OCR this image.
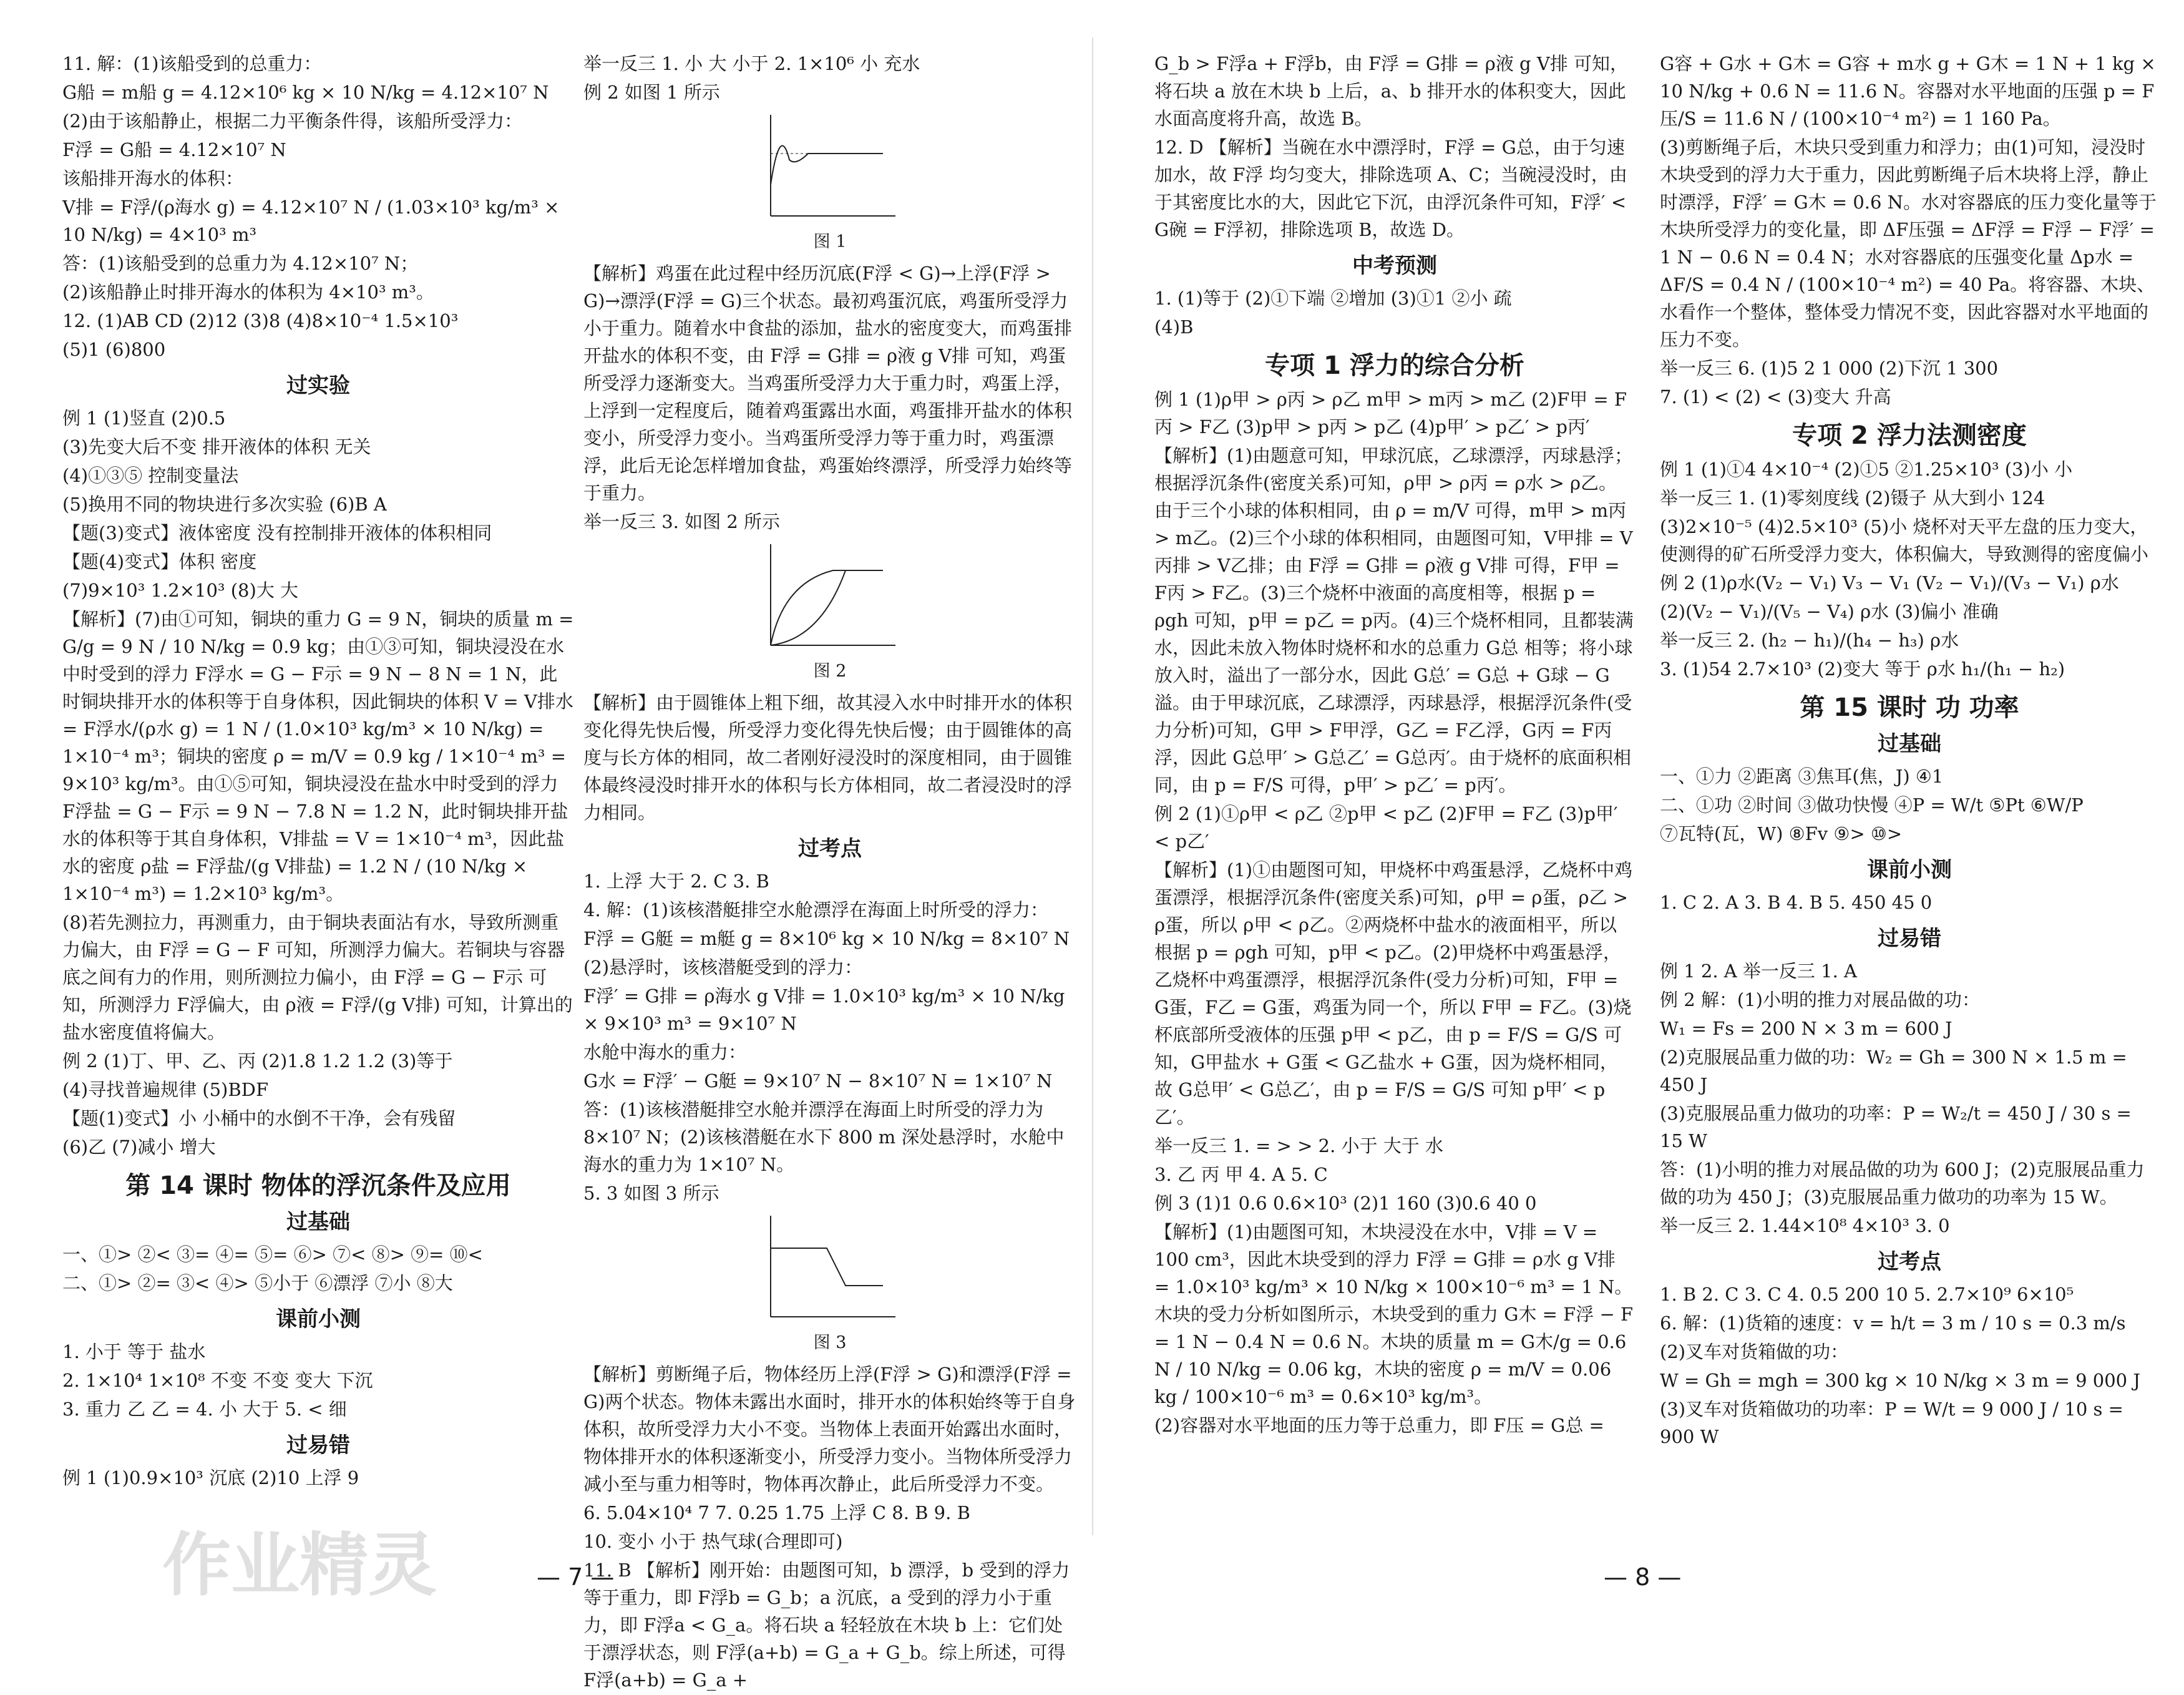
11. 解：(1)该船受到的总重力：

G船 = m船 g = 4.12×10⁶ kg × 10 N/kg = 4.12×10⁷ N

(2)由于该船静止，根据二力平衡条件得，该船所受浮力：

F浮 = G船 = 4.12×10⁷ N

该船排开海水的体积：

V排 = F浮/(ρ海水 g) = 4.12×10⁷ N / (1.03×10³ kg/m³ × 10 N/kg) = 4×10³ m³

答：(1)该船受到的总重力为 4.12×10⁷ N；

(2)该船静止时排开海水的体积为 4×10³ m³。

12. (1)AB CD (2)12 (3)8 (4)8×10⁻⁴ 1.5×10³

(5)1 (6)800

过实验

例 1 (1)竖直 (2)0.5

(3)先变大后不变 排开液体的体积 无关

(4)①③⑤ 控制变量法

(5)换用不同的物块进行多次实验 (6)B A

【题(3)变式】液体密度 没有控制排开液体的体积相同

【题(4)变式】体积 密度

(7)9×10³ 1.2×10³ (8)大 大

【解析】(7)由①可知，铜块的重力 G = 9 N，铜块的质量 m = G/g = 9 N / 10 N/kg = 0.9 kg；由①③可知，铜块浸没在水中时受到的浮力 F浮水 = G − F示 = 9 N − 8 N = 1 N，此时铜块排开水的体积等于自身体积，因此铜块的体积 V = V排水 = F浮水/(ρ水 g) = 1 N / (1.0×10³ kg/m³ × 10 N/kg) = 1×10⁻⁴ m³；铜块的密度 ρ = m/V = 0.9 kg / 1×10⁻⁴ m³ = 9×10³ kg/m³。由①⑤可知，铜块浸没在盐水中时受到的浮力 F浮盐 = G − F示 = 9 N − 7.8 N = 1.2 N，此时铜块排开盐水的体积等于其自身体积，V排盐 = V = 1×10⁻⁴ m³，因此盐水的密度 ρ盐 = F浮盐/(g V排盐) = 1.2 N / (10 N/kg × 1×10⁻⁴ m³) = 1.2×10³ kg/m³。

(8)若先测拉力，再测重力，由于铜块表面沾有水，导致所测重力偏大，由 F浮 = G − F 可知，所测浮力偏大。若铜块与容器底之间有力的作用，则所测拉力偏小，由 F浮 = G − F示 可知，所测浮力 F浮偏大，由 ρ液 = F浮/(g V排) 可知，计算出的盐水密度值将偏大。

例 2 (1)丁、甲、乙、丙 (2)1.8 1.2 1.2 (3)等于

(4)寻找普遍规律 (5)BDF

【题(1)变式】小 小桶中的水倒不干净，会有残留

(6)乙 (7)减小 增大

第 14 课时 物体的浮沉条件及应用
过基础

一、①> ②< ③= ④= ⑤= ⑥> ⑦< ⑧> ⑨= ⑩<

二、①> ②= ③< ④> ⑤小于 ⑥漂浮 ⑦小 ⑧大

课前小测

1. 小于 等于 盐水

2. 1×10⁴ 1×10⁸ 不变 不变 变大 下沉

3. 重力 乙 乙 = 4. 小 大于 5. < 细

过易错

例 1 (1)0.9×10³ 沉底 (2)10 上浮 9

举一反三 1. 小 大 小于 2. 1×10⁶ 小 充水

例 2 如图 1 所示

图 1

【解析】鸡蛋在此过程中经历沉底(F浮 < G)→上浮(F浮 > G)→漂浮(F浮 = G)三个状态。最初鸡蛋沉底，鸡蛋所受浮力小于重力。随着水中食盐的添加，盐水的密度变大，而鸡蛋排开盐水的体积不变，由 F浮 = G排 = ρ液 g V排 可知，鸡蛋所受浮力逐渐变大。当鸡蛋所受浮力大于重力时，鸡蛋上浮，上浮到一定程度后，随着鸡蛋露出水面，鸡蛋排开盐水的体积变小，所受浮力变小。当鸡蛋所受浮力等于重力时，鸡蛋漂浮，此后无论怎样增加食盐，鸡蛋始终漂浮，所受浮力始终等于重力。

举一反三 3. 如图 2 所示

图 2

【解析】由于圆锥体上粗下细，故其浸入水中时排开水的体积变化得先快后慢，所受浮力变化得先快后慢；由于圆锥体的高度与长方体的相同，故二者刚好浸没时的深度相同，由于圆锥体最终浸没时排开水的体积与长方体相同，故二者浸没时的浮力相同。

过考点

1. 上浮 大于 2. C 3. B

4. 解：(1)该核潜艇排空水舱漂浮在海面上时所受的浮力：

F浮 = G艇 = m艇 g = 8×10⁶ kg × 10 N/kg = 8×10⁷ N

(2)悬浮时，该核潜艇受到的浮力：

F浮′ = G排 = ρ海水 g V排 = 1.0×10³ kg/m³ × 10 N/kg × 9×10³ m³ = 9×10⁷ N

水舱中海水的重力：

G水 = F浮′ − G艇 = 9×10⁷ N − 8×10⁷ N = 1×10⁷ N

答：(1)该核潜艇排空水舱并漂浮在海面上时所受的浮力为 8×10⁷ N；(2)该核潜艇在水下 800 m 深处悬浮时，水舱中海水的重力为 1×10⁷ N。

5. 3 如图 3 所示

图 3

【解析】剪断绳子后，物体经历上浮(F浮 > G)和漂浮(F浮 = G)两个状态。物体未露出水面时，排开水的体积始终等于自身体积，故所受浮力大小不变。当物体上表面开始露出水面时，物体排开水的体积逐渐变小，所受浮力变小。当物体所受浮力减小至与重力相等时，物体再次静止，此后所受浮力不变。

6. 5.04×10⁴ 7 7. 0.25 1.75 上浮 C 8. B 9. B

10. 变小 小于 热气球(合理即可)

11. B 【解析】刚开始：由题图可知，b 漂浮，b 受到的浮力等于重力，即 F浮b = G_b；a 沉底，a 受到的浮力小于重力，即 F浮a < G_a。将石块 a 轻轻放在木块 b 上：它们处于漂浮状态，则 F浮(a+b) = G_a + G_b。综上所述，可得 F浮(a+b) = G_a +

G_b > F浮a + F浮b，由 F浮 = G排 = ρ液 g V排 可知，将石块 a 放在木块 b 上后，a、b 排开水的体积变大，因此水面高度将升高，故选 B。

12. D 【解析】当碗在水中漂浮时，F浮 = G总，由于匀速加水，故 F浮 均匀变大，排除选项 A、C；当碗浸没时，由于其密度比水的大，因此它下沉，由浮沉条件可知，F浮′ < G碗 = F浮初，排除选项 B，故选 D。

中考预测

1. (1)等于 (2)①下端 ②增加 (3)①1 ②小 疏

(4)B

专项 1 浮力的综合分析

例 1 (1)ρ甲 > ρ丙 > ρ乙 m甲 > m丙 > m乙 (2)F甲 = F丙 > F乙 (3)p甲 > p丙 > p乙 (4)p甲′ > p乙′ > p丙′

【解析】(1)由题意可知，甲球沉底，乙球漂浮，丙球悬浮；根据浮沉条件(密度关系)可知，ρ甲 > ρ丙 = ρ水 > ρ乙。由于三个小球的体积相同，由 ρ = m/V 可得，m甲 > m丙 > m乙。(2)三个小球的体积相同，由题图可知，V甲排 = V丙排 > V乙排；由 F浮 = G排 = ρ液 g V排 可得，F甲 = F丙 > F乙。(3)三个烧杯中液面的高度相等，根据 p = ρgh 可知，p甲 = p乙 = p丙。(4)三个烧杯相同，且都装满水，因此未放入物体时烧杯和水的总重力 G总 相等；将小球放入时，溢出了一部分水，因此 G总′ = G总 + G球 − G溢。由于甲球沉底，乙球漂浮，丙球悬浮，根据浮沉条件(受力分析)可知，G甲 > F甲浮，G乙 = F乙浮，G丙 = F丙浮，因此 G总甲′ > G总乙′ = G总丙′。由于烧杯的底面积相同，由 p = F/S 可得，p甲′ > p乙′ = p丙′。

例 2 (1)①ρ甲 < ρ乙 ②p甲 < p乙 (2)F甲 = F乙 (3)p甲′ < p乙′

【解析】(1)①由题图可知，甲烧杯中鸡蛋悬浮，乙烧杯中鸡蛋漂浮，根据浮沉条件(密度关系)可知，ρ甲 = ρ蛋，ρ乙 > ρ蛋，所以 ρ甲 < ρ乙。②两烧杯中盐水的液面相平，所以根据 p = ρgh 可知，p甲 < p乙。(2)甲烧杯中鸡蛋悬浮，乙烧杯中鸡蛋漂浮，根据浮沉条件(受力分析)可知，F甲 = G蛋，F乙 = G蛋，鸡蛋为同一个，所以 F甲 = F乙。(3)烧杯底部所受液体的压强 p甲 < p乙，由 p = F/S = G/S 可知，G甲盐水 + G蛋 < G乙盐水 + G蛋，因为烧杯相同，故 G总甲′ < G总乙′，由 p = F/S = G/S 可知 p甲′ < p乙′。

举一反三 1. = > > 2. 小于 大于 水

3. 乙 丙 甲 4. A 5. C

例 3 (1)1 0.6 0.6×10³ (2)1 160 (3)0.6 40 0

【解析】(1)由题图可知，木块浸没在水中，V排 = V = 100 cm³，因此木块受到的浮力 F浮 = G排 = ρ水 g V排 = 1.0×10³ kg/m³ × 10 N/kg × 100×10⁻⁶ m³ = 1 N。木块的受力分析如图所示，木块受到的重力 G木 = F浮 − F = 1 N − 0.4 N = 0.6 N。木块的质量 m = G木/g = 0.6 N / 10 N/kg = 0.06 kg，木块的密度 ρ = m/V = 0.06 kg / 100×10⁻⁶ m³ = 0.6×10³ kg/m³。

(2)容器对水平地面的压力等于总重力，即 F压 = G总 =

G容 + G水 + G木 = G容 + m水 g + G木 = 1 N + 1 kg × 10 N/kg + 0.6 N = 11.6 N。容器对水平地面的压强 p = F压/S = 11.6 N / (100×10⁻⁴ m²) = 1 160 Pa。

(3)剪断绳子后，木块只受到重力和浮力；由(1)可知，浸没时木块受到的浮力大于重力，因此剪断绳子后木块将上浮，静止时漂浮，F浮′ = G木 = 0.6 N。水对容器底的压力变化量等于木块所受浮力的变化量，即 ΔF压强 = ΔF浮 = F浮 − F浮′ = 1 N − 0.6 N = 0.4 N；水对容器底的压强变化量 Δp水 = ΔF/S = 0.4 N / (100×10⁻⁴ m²) = 40 Pa。将容器、木块、水看作一个整体，整体受力情况不变，因此容器对水平地面的压力不变。

举一反三 6. (1)5 2 1 000 (2)下沉 1 300

7. (1) < (2) < (3)变大 升高

专项 2 浮力法测密度

例 1 (1)①4 4×10⁻⁴ (2)①5 ②1.25×10³ (3)小 小

举一反三 1. (1)零刻度线 (2)镊子 从大到小 124

(3)2×10⁻⁵ (4)2.5×10³ (5)小 烧杯对天平左盘的压力变大，使测得的矿石所受浮力变大，体积偏大，导致测得的密度偏小

例 2 (1)ρ水(V₂ − V₁) V₃ − V₁ (V₂ − V₁)/(V₃ − V₁) ρ水

(2)(V₂ − V₁)/(V₅ − V₄) ρ水 (3)偏小 准确

举一反三 2. (h₂ − h₁)/(h₄ − h₃) ρ水

3. (1)54 2.7×10³ (2)变大 等于 ρ水 h₁/(h₁ − h₂)

第 15 课时 功 功率
过基础

一、①力 ②距离 ③焦耳(焦，J) ④1

二、①功 ②时间 ③做功快慢 ④P = W/t ⑤Pt ⑥W/P

⑦瓦特(瓦，W) ⑧Fv ⑨> ⑩>

课前小测

1. C 2. A 3. B 4. B 5. 450 45 0

过易错

例 1 2. A 举一反三 1. A

例 2 解：(1)小明的推力对展品做的功：

W₁ = Fs = 200 N × 3 m = 600 J

(2)克服展品重力做的功：W₂ = Gh = 300 N × 1.5 m = 450 J

(3)克服展品重力做功的功率：P = W₂/t = 450 J / 30 s = 15 W

答：(1)小明的推力对展品做的功为 600 J；(2)克服展品重力做的功为 450 J；(3)克服展品重力做功的功率为 15 W。

举一反三 2. 1.44×10⁸ 4×10³ 3. 0

过考点

1. B 2. C 3. C 4. 0.5 200 10 5. 2.7×10⁹ 6×10⁵

6. 解：(1)货箱的速度：v = h/t = 3 m / 10 s = 0.3 m/s

(2)叉车对货箱做的功：

W = Gh = mgh = 300 kg × 10 N/kg × 3 m = 9 000 J

(3)叉车对货箱做功的功率：P = W/t = 9 000 J / 10 s = 900 W

— 7 —	— 8 —
作业精灵
